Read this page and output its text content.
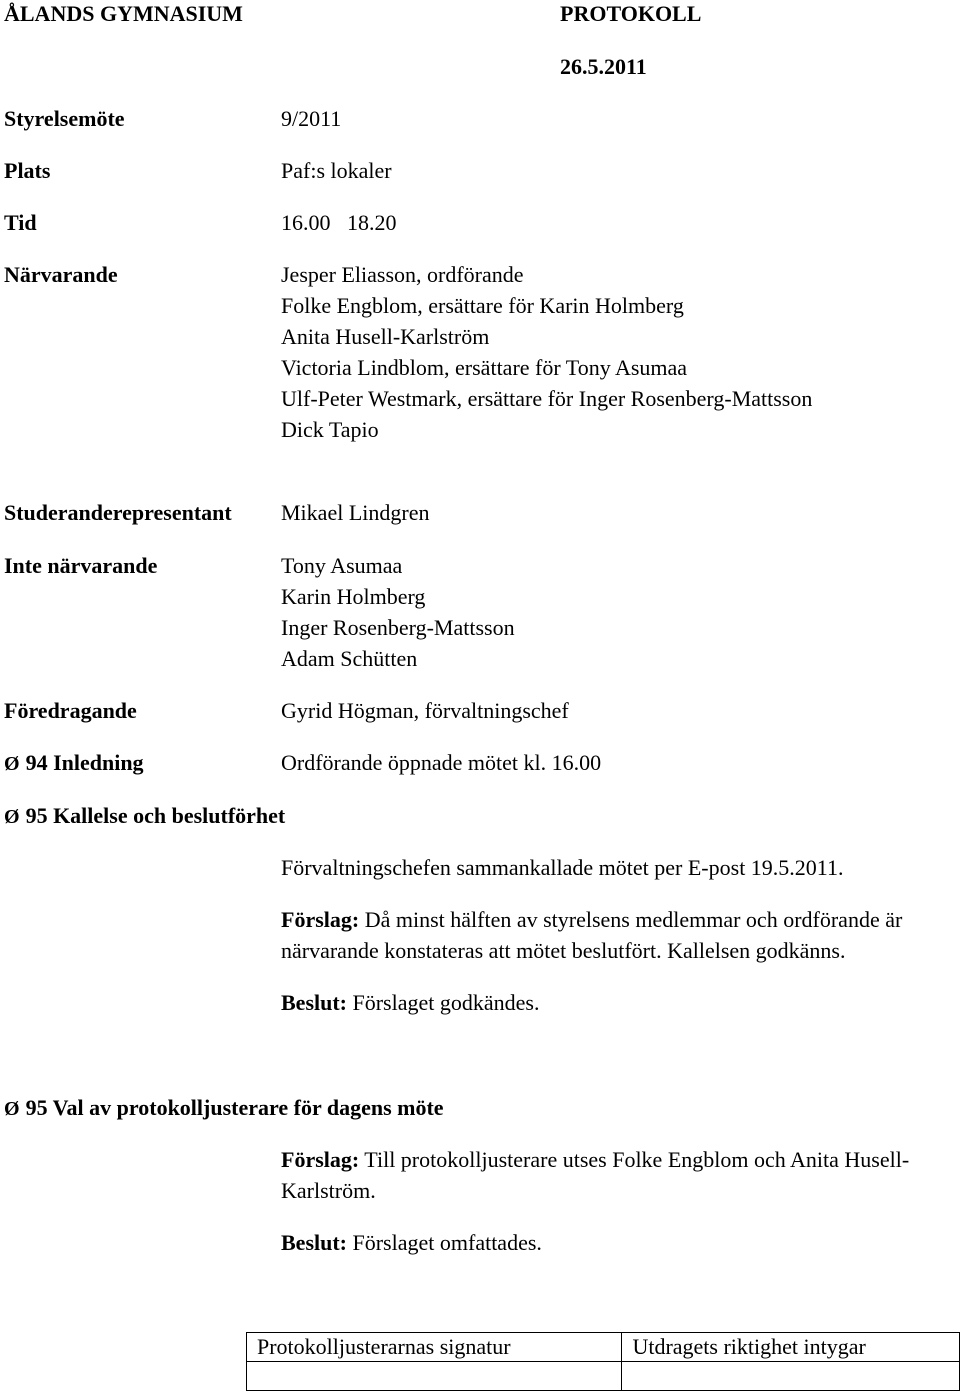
ÅLANDS GYMNASIUM	PROTOKOLL
26.5.2011
Styrelsemöte	9/2011
Plats	Paf:s lokaler
Tid	16.00   18.20
Närvarande	Jesper Eliasson, ordförande
Folke Engblom, ersättare för Karin Holmberg
Anita Husell-Karlström
Victoria Lindblom, ersättare för Tony Asumaa
Ulf-Peter Westmark, ersättare för Inger Rosenberg-Mattsson
Dick Tapio
Studeranderepresentant Mikael Lindgren
Inte närvarande	Tony Asumaa
Karin Holmberg
Inger Rosenberg-Mattsson
Adam Schütten
Föredragande	Gyrid Högman, förvaltningschef
Ø 94 Inledning	Ordförande öppnade mötet kl. 16.00
Ø 95 Kallelse och beslutförhet
Förvaltningschefen sammankallade mötet per E-post 19.5.2011.
Förslag: Då minst hälften av styrelsens medlemmar och ordförande är
närvarande konstateras att mötet beslutfört. Kallelsen godkänns.
Beslut: Förslaget godkändes.
Ø 95 Val av protokolljusterare för dagens möte
Förslag: Till protokolljusterare utses Folke Engblom och Anita Husell-
Karlström.
Beslut: Förslaget omfattades.
Protokolljusterarnas signatur	Utdragets riktighet intygar
